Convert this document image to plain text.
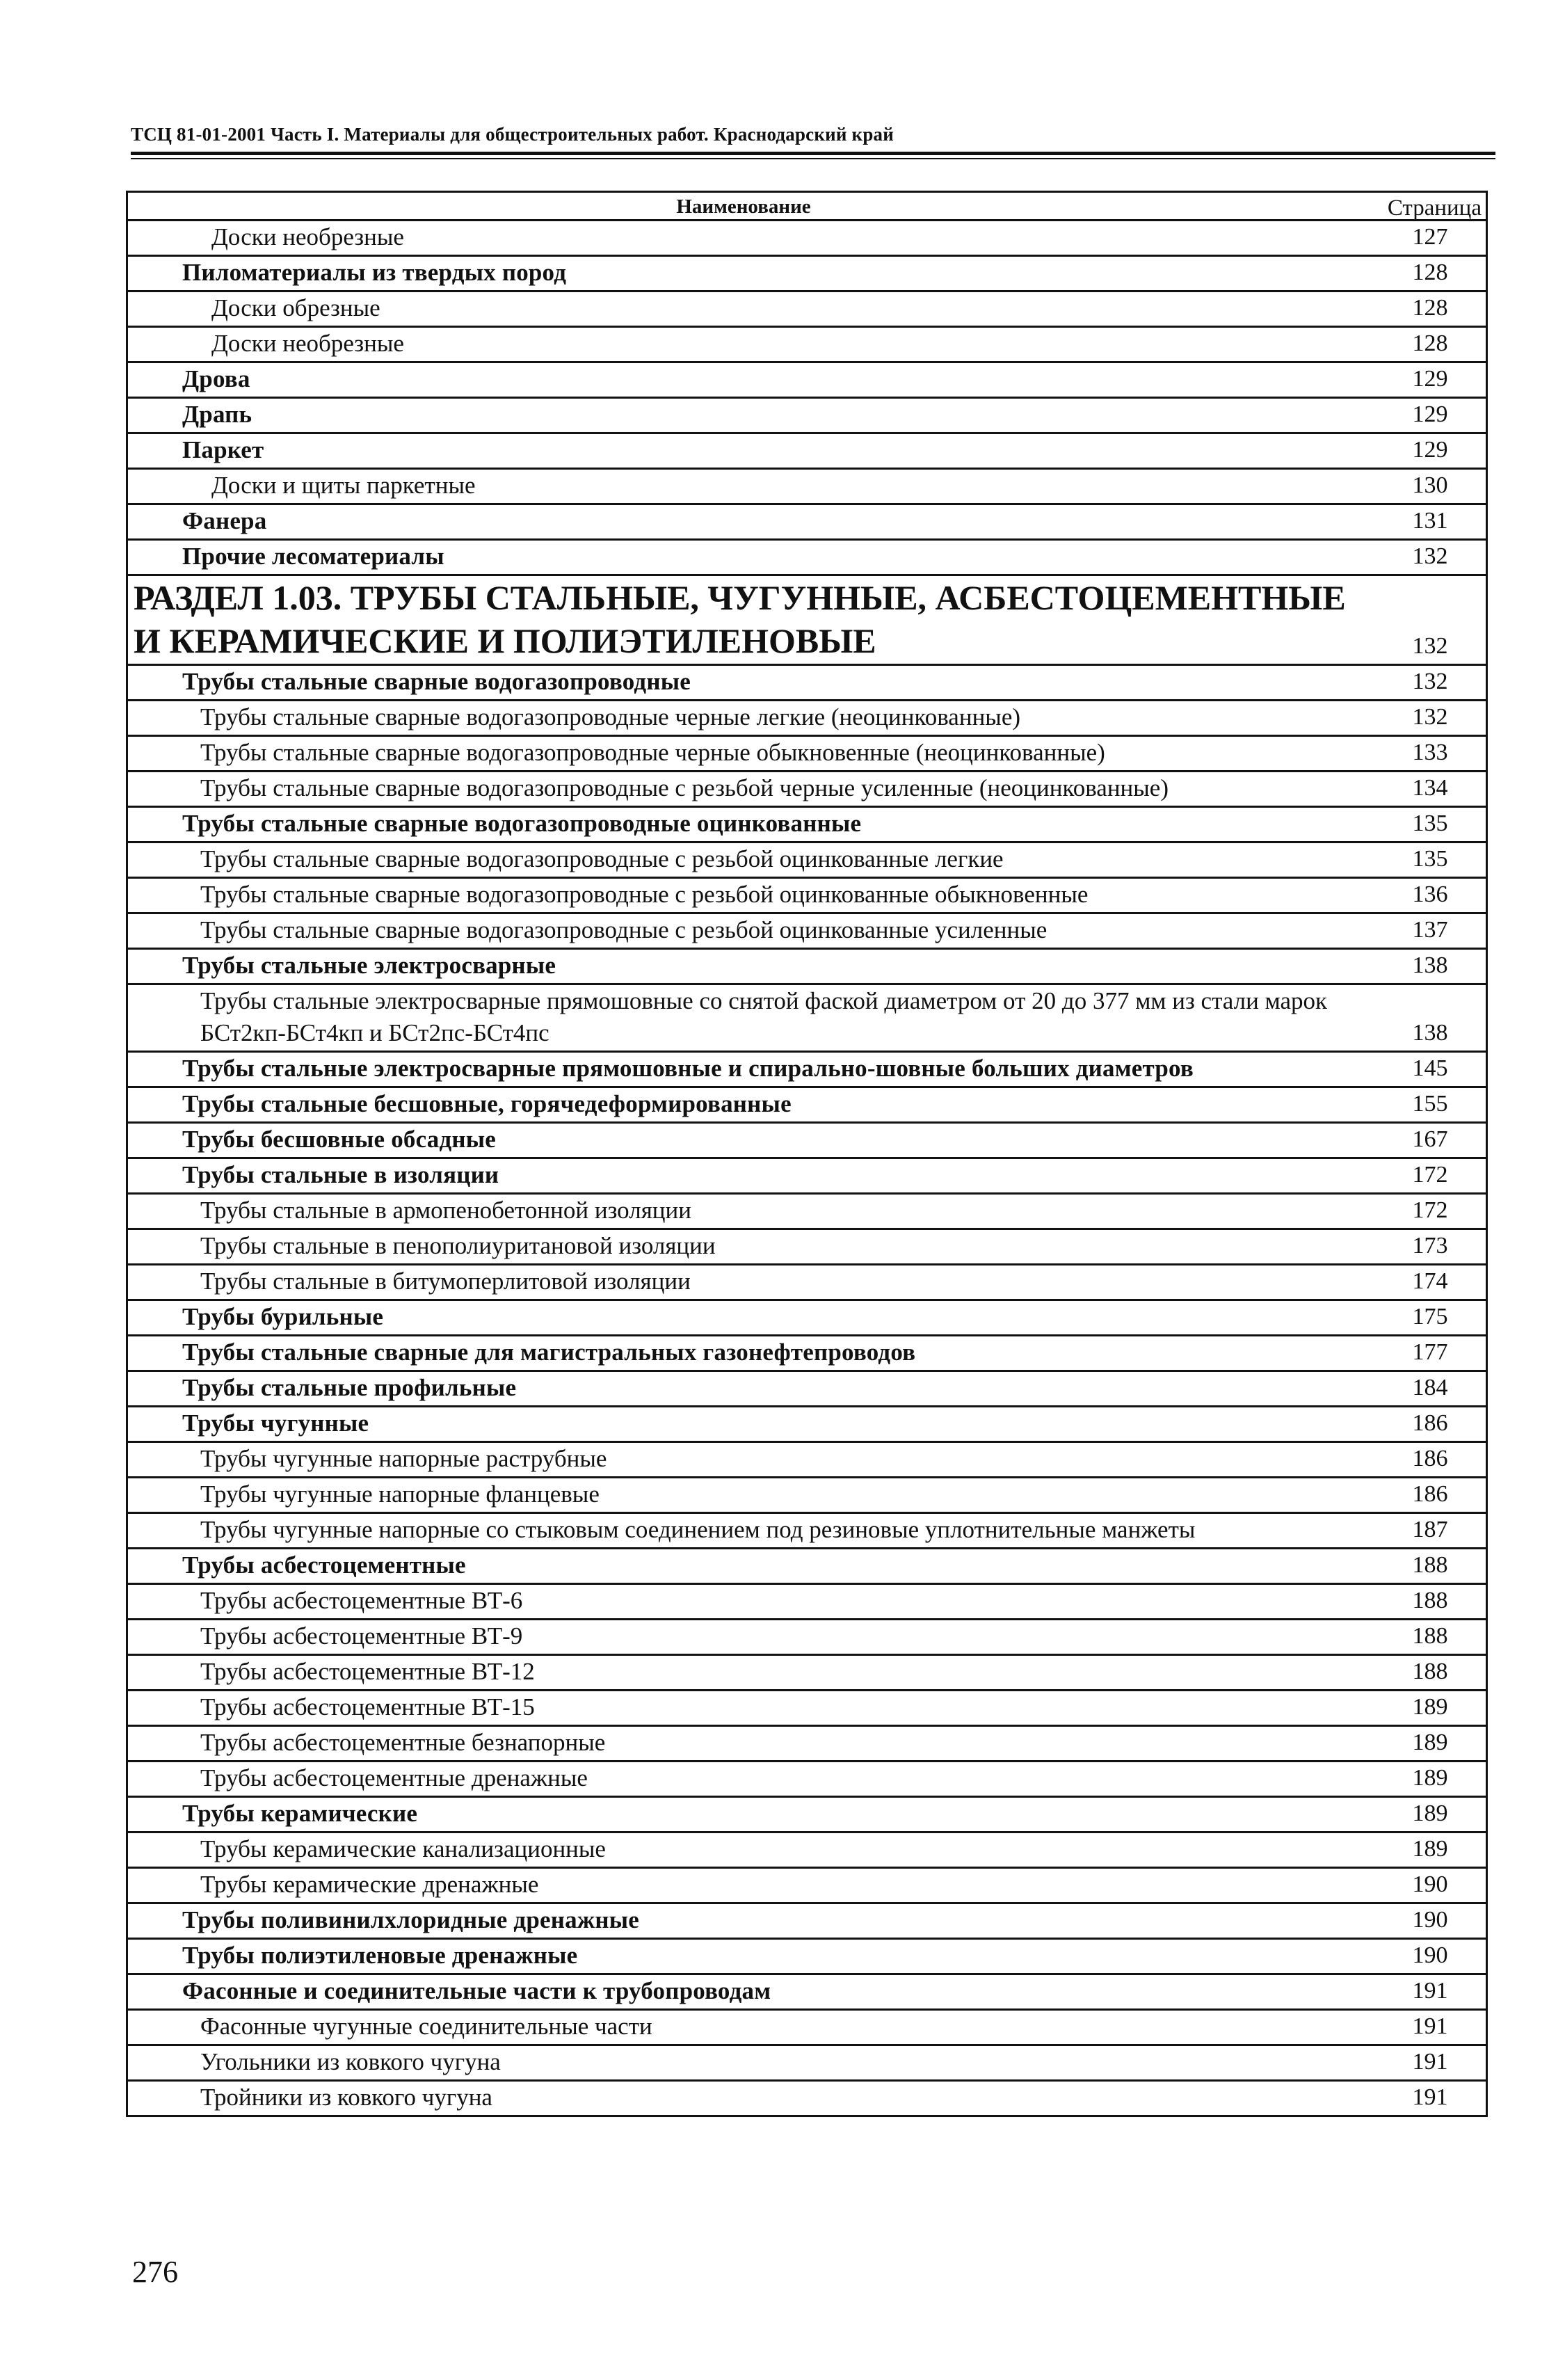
ТСЦ 81-01-2001 Часть I. Материалы для общестроительных работ. Краснодарский край
Наименование	Страница
Доски необрезные	127
Пиломатериалы из твердых пород	128
Доски обрезные	128
Доски необрезные	128
Дрова	129
Драпь	129
Паркет	129
Доски и щиты паркетные	130
Фанера	131
Прочие лесоматериалы	132
РАЗДЕЛ 1.03. ТРУБЫ СТАЛЬНЫЕ, ЧУГУННЫЕ, АСБЕСТОЦЕМЕНТНЫЕ И КЕРАМИЧЕСКИЕ И ПОЛИЭТИЛЕНОВЫЕ	132
Трубы стальные сварные водогазопроводные	132
Трубы стальные сварные водогазопроводные черные легкие (неоцинкованные)	132
Трубы стальные сварные водогазопроводные черные обыкновенные (неоцинкованные)	133
Трубы стальные сварные водогазопроводные с резьбой черные усиленные (неоцинкованные)	134
Трубы стальные сварные водогазопроводные оцинкованные	135
Трубы стальные сварные водогазопроводные с резьбой оцинкованные легкие	135
Трубы стальные сварные водогазопроводные с резьбой оцинкованные обыкновенные	136
Трубы стальные сварные водогазопроводные с резьбой оцинкованные усиленные	137
Трубы стальные электросварные	138
Трубы стальные электросварные прямошовные со снятой фаской диаметром от 20 до 377 мм из стали марок БСт2кп-БСт4кп и БСт2пс-БСт4пс	138
Трубы стальные электросварные прямошовные и спирально-шовные больших диаметров	145
Трубы стальные бесшовные, горячедеформированные	155
Трубы бесшовные обсадные	167
Трубы стальные в изоляции	172
Трубы стальные в армопенобетонной изоляции	172
Трубы стальные в пенополиуритановой изоляции	173
Трубы стальные в битумоперлитовой изоляции	174
Трубы бурильные	175
Трубы стальные сварные для магистральных газонефтепроводов	177
Трубы стальные профильные	184
Трубы чугунные	186
Трубы чугунные напорные раструбные	186
Трубы чугунные напорные фланцевые	186
Трубы чугунные напорные со стыковым соединением под резиновые уплотнительные манжеты	187
Трубы асбестоцементные	188
Трубы асбестоцементные ВТ-6	188
Трубы асбестоцементные ВТ-9	188
Трубы асбестоцементные ВТ-12	188
Трубы асбестоцементные ВТ-15	189
Трубы асбестоцементные безнапорные	189
Трубы асбестоцементные дренажные	189
Трубы керамические	189
Трубы керамические канализационные	189
Трубы керамические дренажные	190
Трубы поливинилхлоридные дренажные	190
Трубы полиэтиленовые дренажные	190
Фасонные и соединительные части к трубопроводам	191
Фасонные чугунные соединительные части	191
Угольники из ковкого чугуна	191
Тройники из ковкого чугуна	191
276
